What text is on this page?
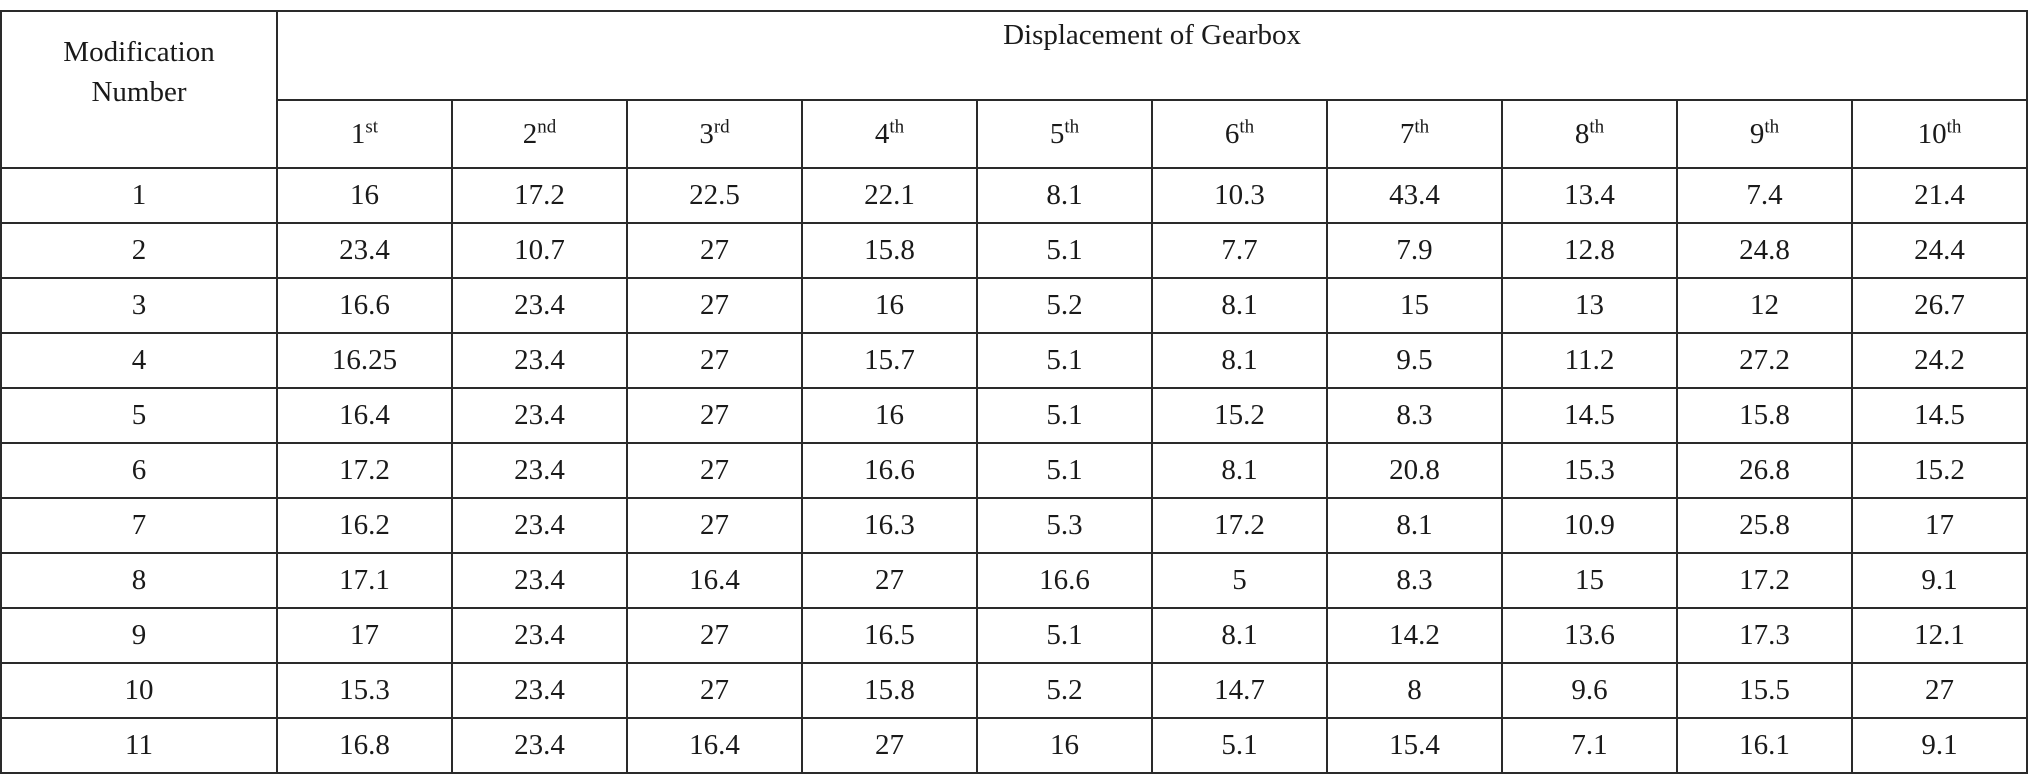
Modification
Number	Displacement of Gearbox									
	1st	2nd	3rd	4th	5th	6th	7th	8th	9th	10th
1	16	17.2	22.5	22.1	8.1	10.3	43.4	13.4	7.4	21.4
2	23.4	10.7	27	15.8	5.1	7.7	7.9	12.8	24.8	24.4
3	16.6	23.4	27	16	5.2	8.1	15	13	12	26.7
4	16.25	23.4	27	15.7	5.1	8.1	9.5	11.2	27.2	24.2
5	16.4	23.4	27	16	5.1	15.2	8.3	14.5	15.8	14.5
6	17.2	23.4	27	16.6	5.1	8.1	20.8	15.3	26.8	15.2
7	16.2	23.4	27	16.3	5.3	17.2	8.1	10.9	25.8	17
8	17.1	23.4	16.4	27	16.6	5	8.3	15	17.2	9.1
9	17	23.4	27	16.5	5.1	8.1	14.2	13.6	17.3	12.1
10	15.3	23.4	27	15.8	5.2	14.7	8	9.6	15.5	27
11	16.8	23.4	16.4	27	16	5.1	15.4	7.1	16.1	9.1
